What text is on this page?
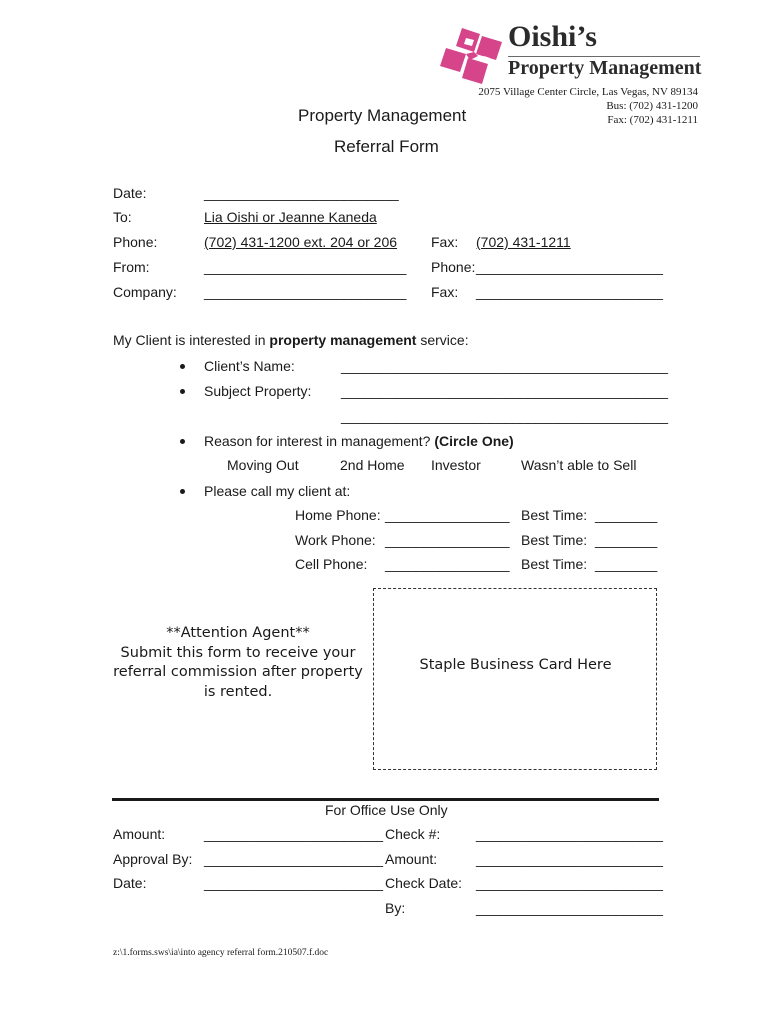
Oishi’s
Property Management
2075 Village Center Circle, Las Vegas, NV 89134
Bus: (702) 431-1200
Fax: (702) 431-1211
Property Management
Referral Form
Date:	_________________________
To:	Lia Oishi or Jeanne Kaneda
Phone:	(702) 431-1200 ext. 204 or 206 Fax: (702) 431-1211
From:	__________________________ Phone: ________________________
Company: __________________________ Fax: ________________________
My Client is interested in property management service:
Client’s Name:	__________________________________________
Subject Property: __________________________________________
__________________________________________
Reason for interest in management? (Circle One)
Moving Out	2nd Home Investor	Wasn’t able to Sell
Please call my client at:
Home Phone: ________________ Best Time: ________
Work Phone: ________________ Best Time: ________
Cell Phone: ________________ Best Time: ________
**Attention Agent**
Submit this form to receive your
referral commission after property
is rented.
Staple Business Card Here
For Office Use Only
Amount:	_______________________ Check #:	________________________
Approval By: _______________________ Amount:	________________________
Date:	_______________________ Check Date: ________________________
By:	________________________
z:\1.forms.sws\ia\into agency referral form.210507.f.doc
